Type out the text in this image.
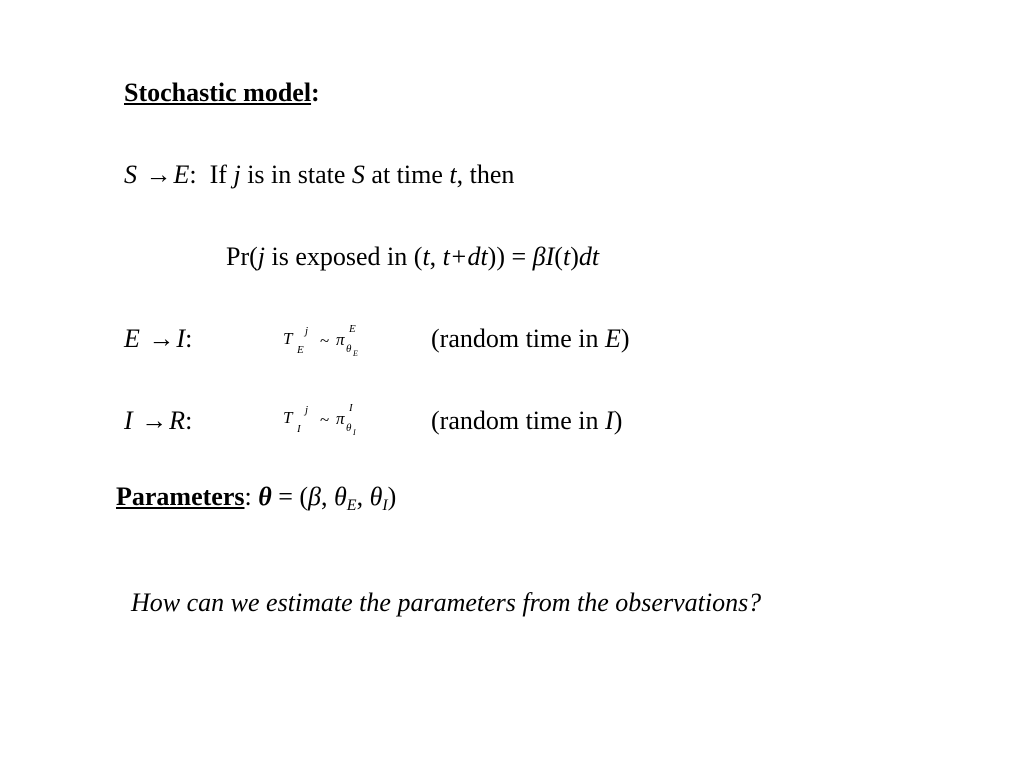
Stochastic model:
S →E: If j is in state S at time t, then
Pr(j is exposed in (t, t+dt)) = βI(t)dt
E →I:	T j
E ~ π
E
θ E
(random time in E)
I →R:	T j
I ~ π
I
θ I	(random time in I)
Parameters: θ = (β, $\theta_E$, $\theta_I$)
How can we estimate the parameters from the observations?
